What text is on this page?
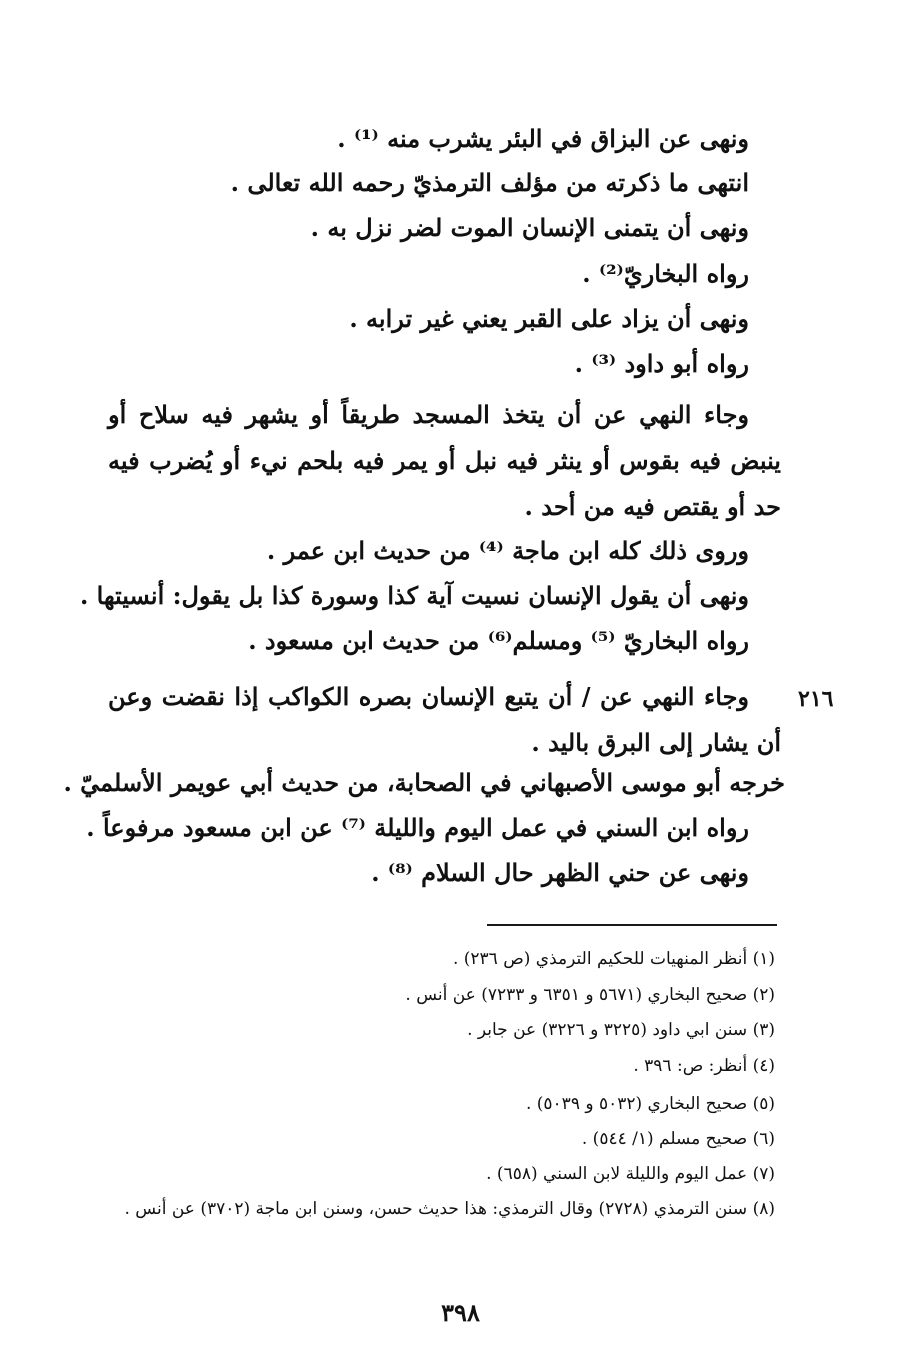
ونهى عن البزاق في البئر يشرب منه ⁽¹⁾ .

انتهى ما ذكرته من مؤلف الترمذيّ رحمه الله تعالى .

ونهى أن يتمنى الإنسان الموت لضر نزل به .

رواه البخاريّ⁽²⁾ .

ونهى أن يزاد على القبر يعني غير ترابه .

رواه أبو داود ⁽³⁾ .

وجاء النهي عن أن يتخذ المسجد طريقاً أو يشهر فيه سلاح أو ينبض فيه بقوس أو ينثر فيه نبل أو يمر فيه بلحم نيء أو يُضرب فيه حد أو يقتص فيه من أحد .

وروى ذلك كله ابن ماجة ⁽⁴⁾ من حديث ابن عمر .

ونهى أن يقول الإنسان نسيت آية كذا وسورة كذا بل يقول: أنسيتها .

رواه البخاريّ ⁽⁵⁾ ومسلم⁽⁶⁾ من حديث ابن مسعود .

٢١٦

وجاء النهي عن / أن يتبع الإنسان بصره الكواكب إذا نقضت وعن أن يشار إلى البرق باليد .

خرجه أبو موسى الأصبهاني في الصحابة، من حديث أبي عويمر الأسلميّ .

رواه ابن السني في عمل اليوم والليلة ⁽⁷⁾ عن ابن مسعود مرفوعاً .

ونهى عن حني الظهر حال السلام ⁽⁸⁾ .

(١) أنظر المنهيات للحكيم الترمذي (ص ٢٣٦) .

(٢) صحيح البخاري (٥٦٧١ و ٦٣٥١ و ٧٢٣٣) عن أنس .

(٣) سنن ابي داود (٣٢٢٥ و ٣٢٢٦) عن جابر .

(٤) أنظر: ص: ٣٩٦ .

(٥) صحيح البخاري (٥٠٣٢ و ٥٠٣٩) .

(٦) صحيح مسلم (١/ ٥٤٤) .

(٧) عمل اليوم والليلة لابن السني (٦٥٨) .

(٨) سنن الترمذي (٢٧٢٨) وقال الترمذي: هذا حديث حسن، وسنن ابن ماجة (٣٧٠٢) عن أنس .

٣٩٨
